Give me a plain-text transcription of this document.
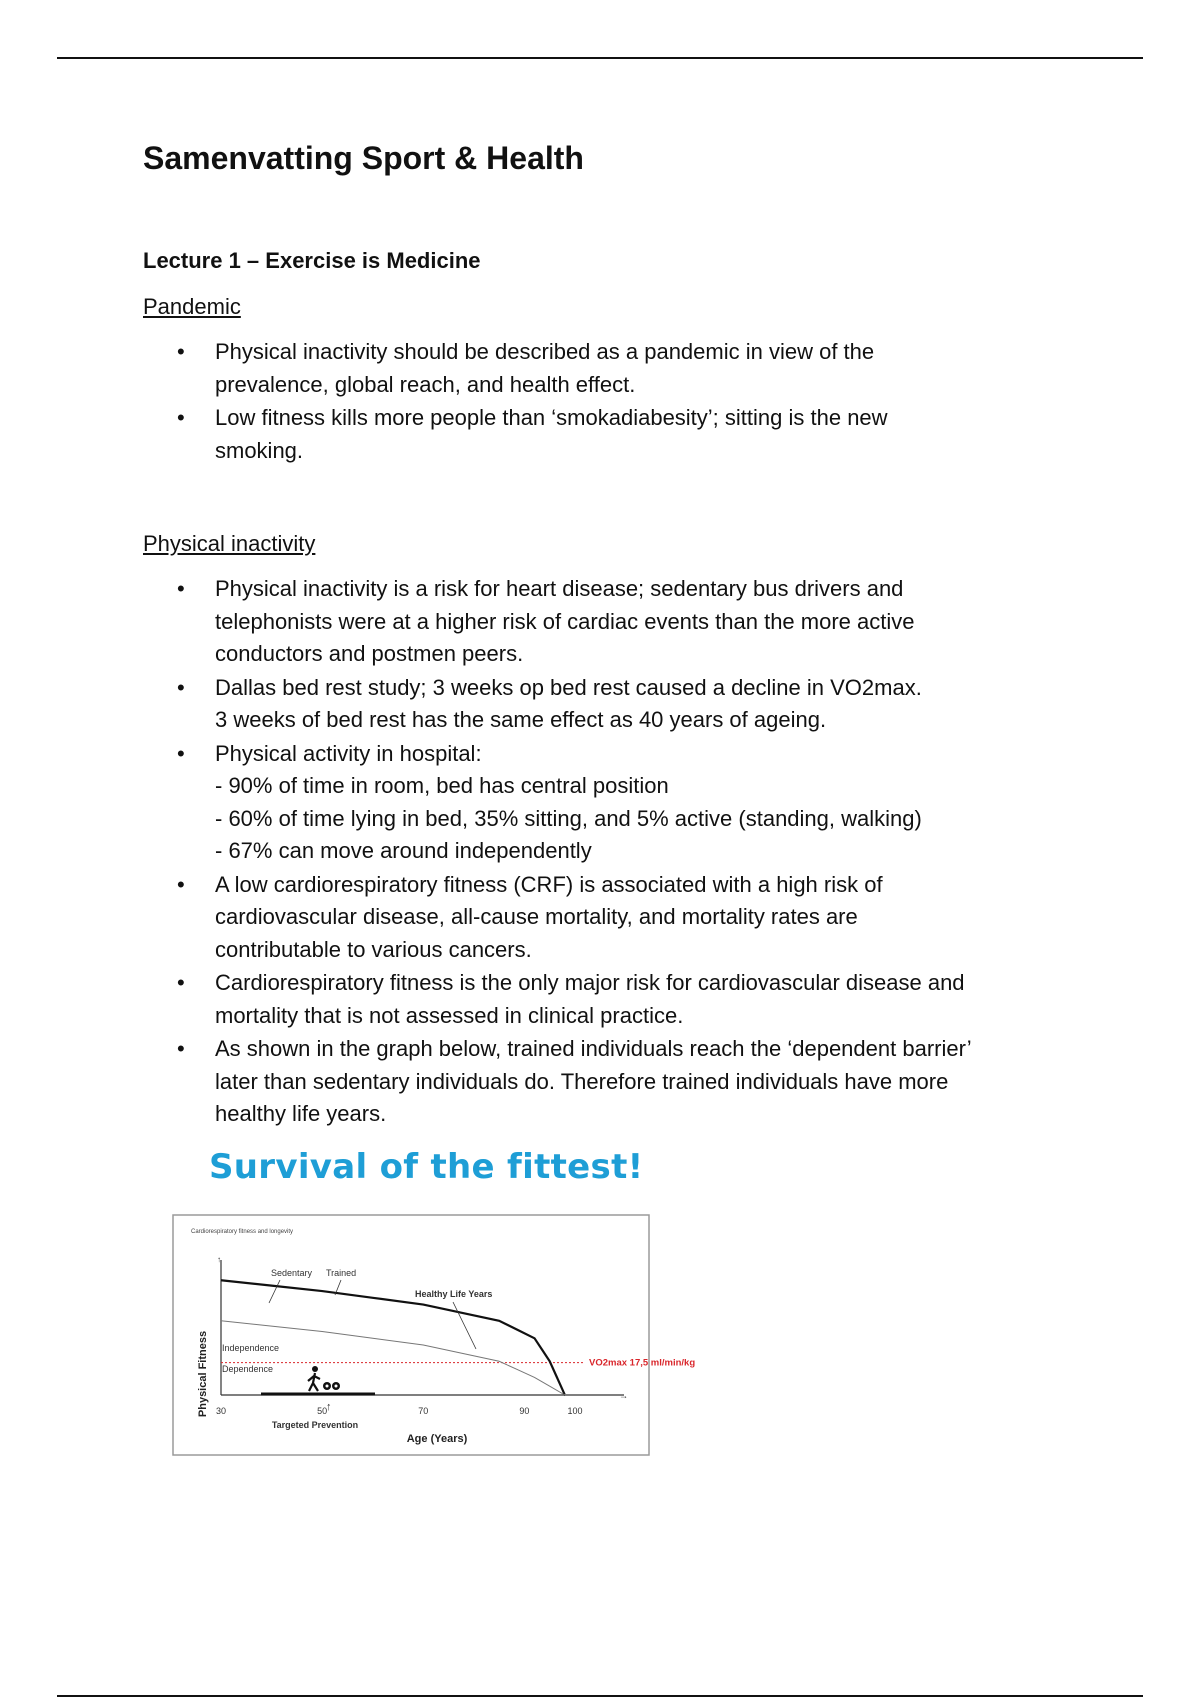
Samenvatting Sport & Health
Lecture 1 – Exercise is Medicine
Pandemic
• Physical inactivity should be described as a pandemic in view of the
prevalence, global reach, and health effect.
• Low fitness kills more people than ‘smokadiabesity’; sitting is the new
smoking.
Physical inactivity
• Physical inactivity is a risk for heart disease; sedentary bus drivers and
telephonists were at a higher risk of cardiac events than the more active
conductors and postmen peers.
• Dallas bed rest study; 3 weeks op bed rest caused a decline in VO2max.
3 weeks of bed rest has the same effect as 40 years of ageing.
• Physical activity in hospital:
- 90% of time in room, bed has central position
- 60% of time lying in bed, 35% sitting, and 5% active (standing, walking)
- 67% can move around independently
• A low cardiorespiratory fitness (CRF) is associated with a high risk of
cardiovascular disease, all-cause mortality, and mortality rates are
contributable to various cancers.
• Cardiorespiratory fitness is the only major risk for cardiovascular disease and
mortality that is not assessed in clinical practice.
• As shown in the graph below, trained individuals reach the ‘dependent barrier’
later than sedentary individuals do. Therefore trained individuals have more
healthy life years.
Survival of the fittest!
Cardiorespiratory fitness and longevity
Physical Fitness
↑
→
30	50	70	90	100
Age (Years)
VO2max 17,5 ml/min/kg
Sedentary Trained
Healthy Life Years
Independence
Dependence
↑
Targeted Prevention
